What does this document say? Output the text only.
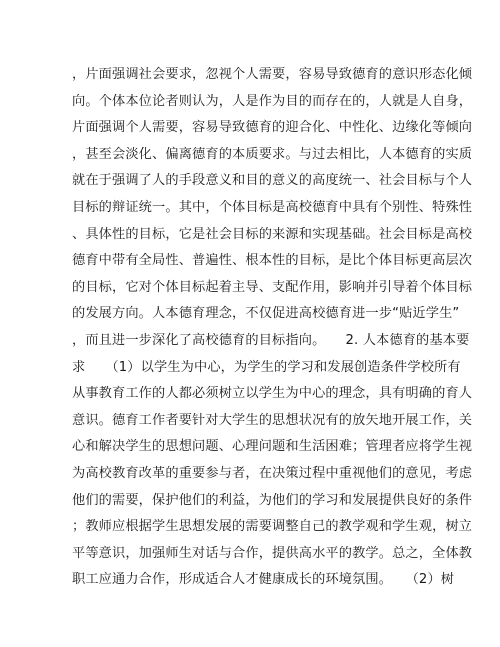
，片面强调社会要求，忽视个人需要，容易导致德育的意识形态化倾
向。个体本位论者则认为，人是作为目的而存在的，人就是人自身，
片面强调个人需要，容易导致德育的迎合化、中性化、边缘化等倾向
，甚至会淡化、偏离德育的本质要求。与过去相比，人本德育的实质
就在于强调了人的手段意义和目的意义的高度统一、社会目标与个人
目标的辩证统一。其中，个体目标是高校德育中具有个别性、特殊性
、具体性的目标，它是社会目标的来源和实现基础。社会目标是高校
德育中带有全局性、普遍性、根本性的目标，是比个体目标更高层次
的目标，它对个体目标起着主导、支配作用，影响并引导着个体目标
的发展方向。人本德育理念，不仅促进高校德育进一步“贴近学生”
，而且进一步深化了高校德育的目标指向。　　2. 人本德育的基本要
求　　（1）以学生为中心，为学生的学习和发展创造条件学校所有
从事教育工作的人都必须树立以学生为中心的理念，具有明确的育人
意识。德育工作者要针对大学生的思想状况有的放矢地开展工作，关
心和解决学生的思想问题、心理问题和生活困难；管理者应将学生视
为高校教育改革的重要参与者，在决策过程中重视他们的意见，考虑
他们的需要，保护他们的利益，为他们的学习和发展提供良好的条件
；教师应根据学生思想发展的需要调整自己的教学观和学生观，树立
平等意识，加强师生对话与合作，提供高水平的教学。总之，全体教
职工应通力合作，形成适合人才健康成长的环境氛围。　　（2）树
